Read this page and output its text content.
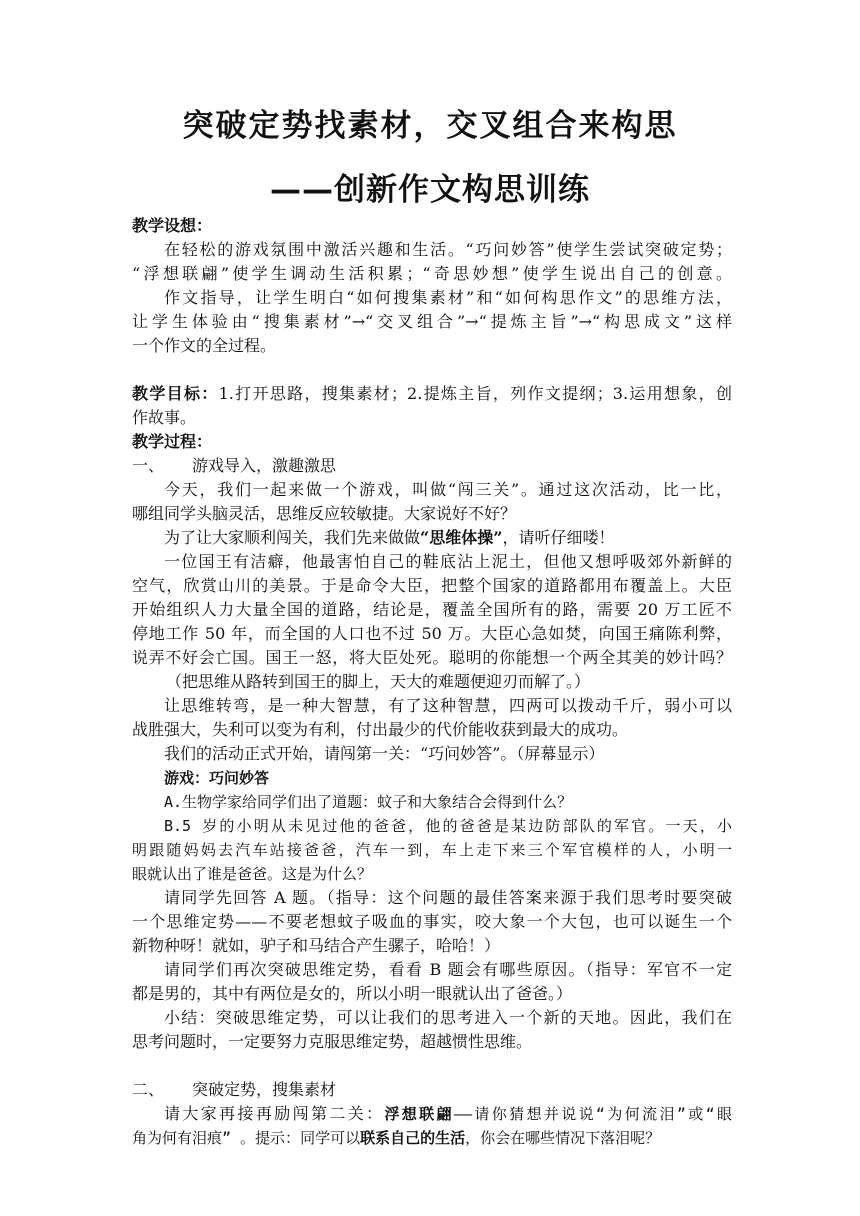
突破定势找素材，交叉组合来构思
——创新作文构思训练
教学设想：
在轻松的游戏氛围中激活兴趣和生活。“巧问妙答”使学生尝试突破定势；
“浮想联翩”使学生调动生活积累；“奇思妙想”使学生说出自己的创意。
作文指导，让学生明白“如何搜集素材”和“如何构思作文”的思维方法，
让学生体验由“搜集素材”→“交叉组合”→“提炼主旨”→“构思成文”这样
一个作文的全过程。
教学目标：1.打开思路，搜集素材；2.提炼主旨，列作文提纲；3.运用想象，创
作故事。
教学过程：
一、 游戏导入，激趣激思
今天，我们一起来做一个游戏，叫做“闯三关”。通过这次活动，比一比，
哪组同学头脑灵活，思维反应较敏捷。大家说好不好？
为了让大家顺利闯关，我们先来做做“思维体操”，请听仔细喽！
一位国王有洁癖，他最害怕自己的鞋底沾上泥土，但他又想呼吸郊外新鲜的
空气，欣赏山川的美景。于是命令大臣，把整个国家的道路都用布覆盖上。大臣
开始组织人力大量全国的道路，结论是，覆盖全国所有的路，需要 20 万工匠不
停地工作 50 年，而全国的人口也不过 50 万。大臣心急如焚，向国王痛陈利弊，
说弄不好会亡国。国王一怒，将大臣处死。聪明的你能想一个两全其美的妙计吗？
（把思维从路转到国王的脚上，天大的难题便迎刃而解了。）
让思维转弯，是一种大智慧，有了这种智慧，四两可以拨动千斤，弱小可以
战胜强大，失利可以变为有利，付出最少的代价能收获到最大的成功。
我们的活动正式开始，请闯第一关：“巧问妙答”。（屏幕显示）
游戏：巧问妙答
A.生物学家给同学们出了道题：蚊子和大象结合会得到什么？
B.5 岁的小明从未见过他的爸爸，他的爸爸是某边防部队的军官。一天，小
明跟随妈妈去汽车站接爸爸，汽车一到，车上走下来三个军官模样的人，小明一
眼就认出了谁是爸爸。这是为什么？
请同学先回答 A 题。（指导：这个问题的最佳答案来源于我们思考时要突破
一个思维定势——不要老想蚊子吸血的事实，咬大象一个大包，也可以诞生一个
新物种呀！就如，驴子和马结合产生骡子，哈哈！）
请同学们再次突破思维定势，看看 B 题会有哪些原因。（指导：军官不一定
都是男的，其中有两位是女的，所以小明一眼就认出了爸爸。）
小结：突破思维定势，可以让我们的思考进入一个新的天地。因此，我们在
思考问题时，一定要努力克服思维定势，超越惯性思维。
二、 突破定势，搜集素材
请大家再接再励闯第二关：浮想联翩——请你猜想并说说“为何流泪”或“眼
角为何有泪痕” 。提示：同学可以联系自己的生活，你会在哪些情况下落泪呢？
